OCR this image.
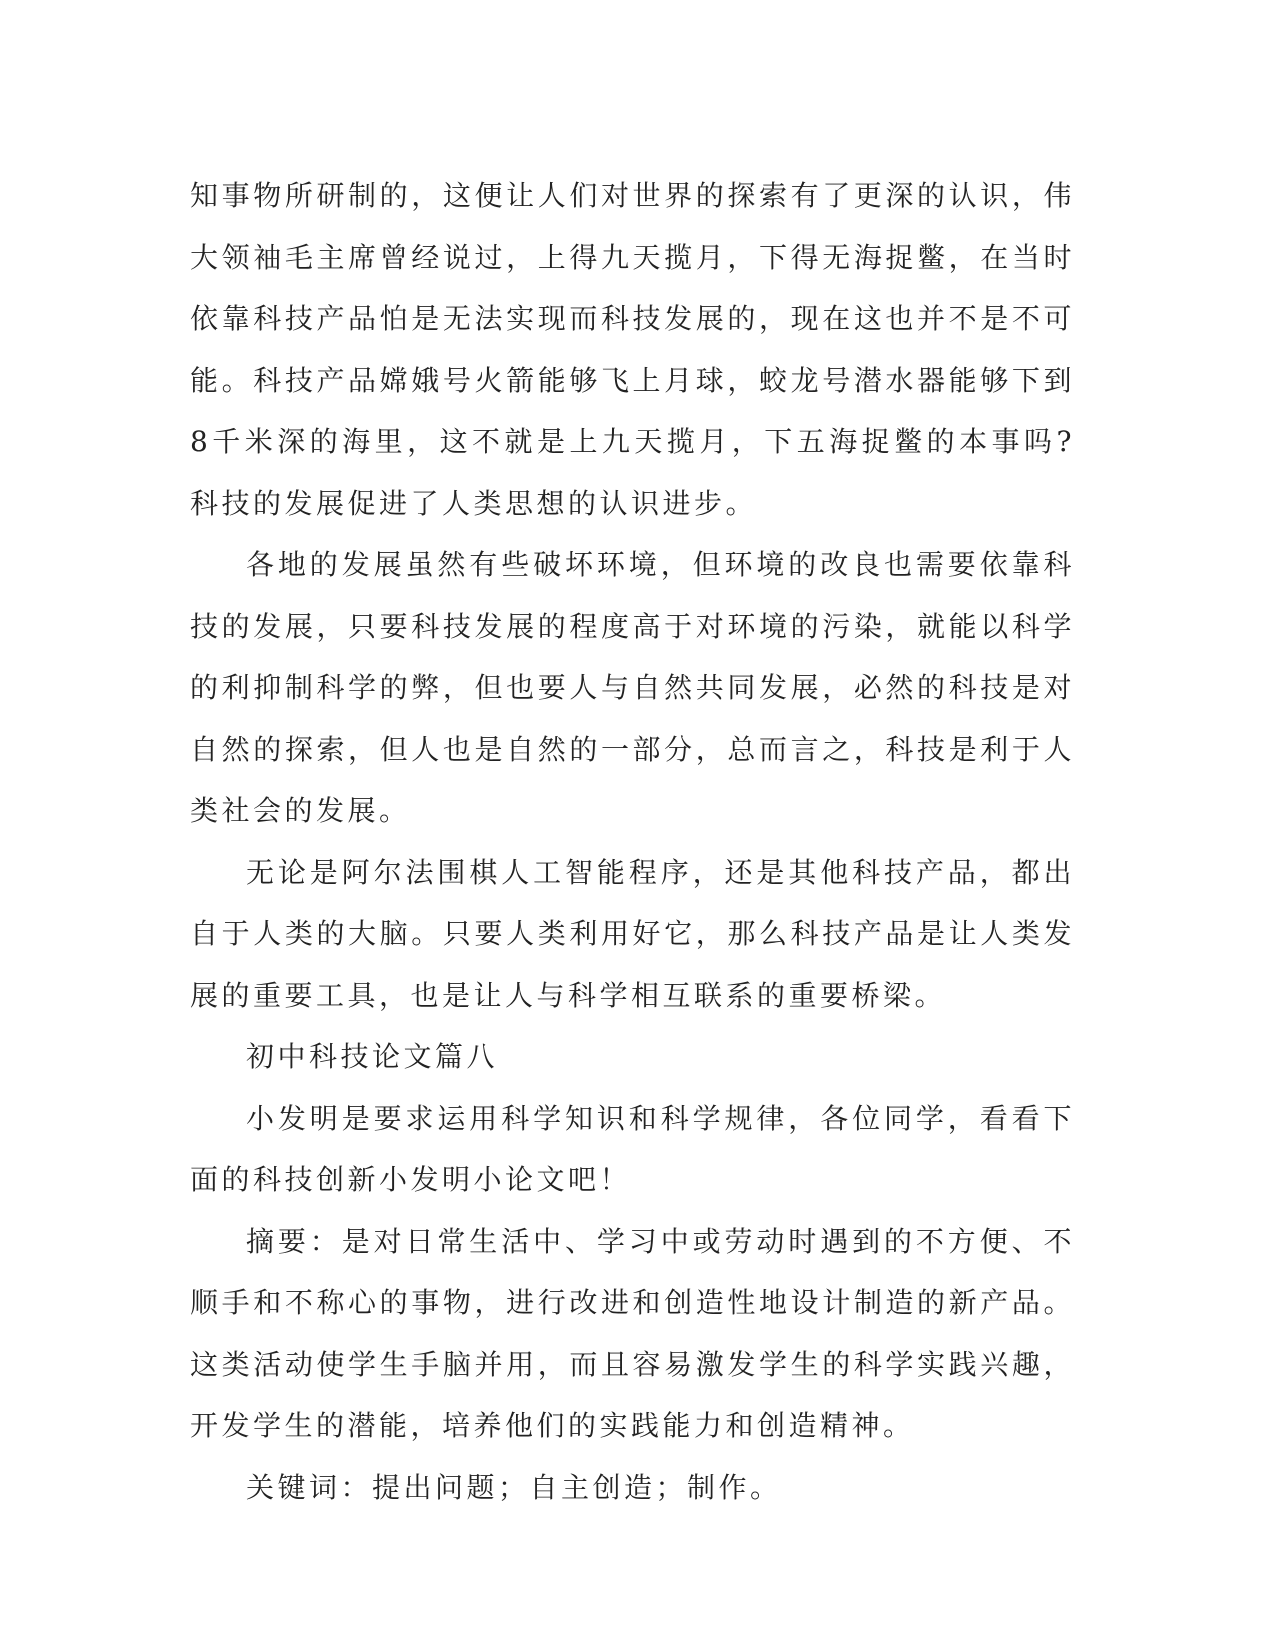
知事物所研制的，这便让人们对世界的探索有了更深的认识，伟大领袖毛主席曾经说过，上得九天揽月，下得无海捉鳖，在当时依靠科技产品怕是无法实现而科技发展的，现在这也并不是不可能。科技产品嫦娥号火箭能够飞上月球，蛟龙号潜水器能够下到8千米深的海里，这不就是上九天揽月，下五海捉鳖的本事吗?科技的发展促进了人类思想的认识进步。

各地的发展虽然有些破坏环境，但环境的改良也需要依靠科技的发展，只要科技发展的程度高于对环境的污染，就能以科学的利抑制科学的弊，但也要人与自然共同发展，必然的科技是对自然的探索，但人也是自然的一部分，总而言之，科技是利于人类社会的发展。

无论是阿尔法围棋人工智能程序，还是其他科技产品，都出自于人类的大脑。只要人类利用好它，那么科技产品是让人类发展的重要工具，也是让人与科学相互联系的重要桥梁。

初中科技论文篇八

小发明是要求运用科学知识和科学规律，各位同学，看看下面的科技创新小发明小论文吧！

摘要：是对日常生活中、学习中或劳动时遇到的不方便、不顺手和不称心的事物，进行改进和创造性地设计制造的新产品。这类活动使学生手脑并用，而且容易激发学生的科学实践兴趣，开发学生的潜能，培养他们的实践能力和创造精神。

关键词：提出问题；自主创造；制作。
